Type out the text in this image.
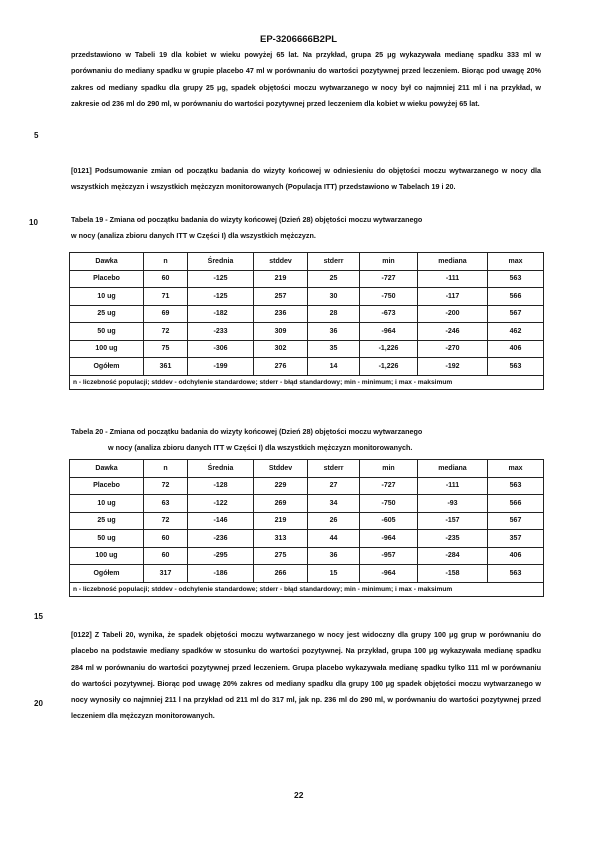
EP-3206666B2PL

przedstawiono w Tabeli 19 dla kobiet w wieku powyżej 65 lat. Na przykład, grupa 25 μg wykazywała medianę spadku 333 ml w porównaniu do mediany spadku w grupie placebo 47 ml w porównaniu do wartości pozytywnej przed leczeniem. Biorąc pod uwagę 20% zakres od mediany spadku dla grupy 25 μg, spadek objętości moczu wytwarzanego w nocy był co najmniej 211 ml i na przykład, w zakresie od 236 ml do 290 ml, w porównaniu do wartości pozytywnej przed leczeniem dla kobiet w wieku powyżej 65 lat.

5

[0121] Podsumowanie zmian od początku badania do wizyty końcowej w odniesieniu do objętości moczu wytwarzanego w nocy dla wszystkich mężczyzn i wszystkich mężczyzn monitorowanych (Populacja ITT) przedstawiono w Tabelach 19 i 20.

10	Tabela 19 - Zmiana od początku badania do wizyty końcowej (Dzień 28) objętości moczu wytwarzanego
w nocy (analiza zbioru danych ITT w Części I) dla wszystkich mężczyzn.

Dawka	n	Średnia	stddev	stderr	min	mediana	max
Placebo	60	-125	219	25	-727	-111	563
10 ug	71	-125	257	30	-750	-117	566
25 ug	69	-182	236	28	-673	-200	567
50 ug	72	-233	309	36	-964	-246	462
100 ug	75	-306	302	35	-1,226	-270	406
Ogółem	361	-199	276	14	-1,226	-192	563
n - liczebność populacji; stddev - odchylenie standardowe; stderr - błąd standardowy; min - minimum; i max - maksimum							

Tabela 20 - Zmiana od początku badania do wizyty końcowej (Dzień 28) objętości moczu wytwarzanego
w nocy (analiza zbioru danych ITT w Części I) dla wszystkich mężczyzn monitorowanych.

Dawka	n	Średnia	Stddev	stderr	min	mediana	max
Placebo	72	-128	229	27	-727	-111	563
10 ug	63	-122	269	34	-750	-93	566
25 ug	72	-146	219	26	-605	-157	567
50 ug	60	-236	313	44	-964	-235	357
100 ug	60	-295	275	36	-957	-284	406
Ogółem	317	-186	266	15	-964	-158	563
n - liczebność populacji; stddev - odchylenie standardowe; stderr - błąd standardowy; min - minimum; i max - maksimum							
15

[0122] Z Tabeli 20, wynika, że spadek objętości moczu wytwarzanego w nocy jest widoczny dla grupy 100 μg grup w porównaniu do placebo na podstawie mediany spadków w stosunku do wartości pozytywnej. Na przykład, grupa 100 μg wykazywała medianę spadku 284 ml w porównaniu do wartości pozytywnej przed leczeniem. Grupa placebo wykazywała medianę spadku tylko 111 ml w porównaniu do wartości pozytywnej. Biorąc pod uwagę 20% zakres od mediany spadku dla grupy 100 μg spadek objętości moczu wytwarzanego w nocy wynosiły co najmniej 211 l na przykład od 211 ml do 317 ml, jak np. 236 ml do 290 ml, w porównaniu do wartości pozytywnej przed leczeniem dla mężczyzn monitorowanych.

20
22
